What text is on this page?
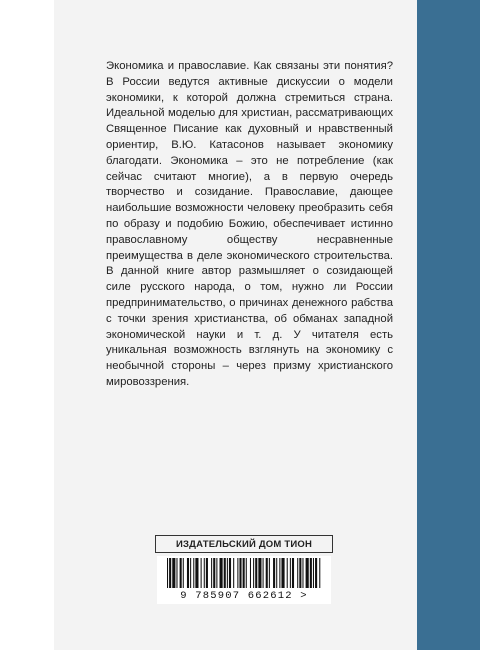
Экономика и православие. Как связаны эти понятия? В России ведутся активные дискуссии о модели экономики, к которой должна стремиться страна. Идеальной моделью для христиан, рассматривающих Священное Писание как духовный и нравственный ориентир, В.Ю. Катасонов называет экономику благодати. Экономика – это не потребление (как сейчас считают многие), а в первую очередь творчество и созидание. Православие, дающее наибольшие возможности человеку преобразить себя по образу и подобию Божию, обеспечивает истинно православному обществу несравненные преимущества в деле экономического строительства. В данной книге автор размышляет о созидающей силе русского народа, о том, нужно ли России предпринимательство, о причинах денежного рабства с точки зрения христианства, об обманах западной экономической науки и т. д. У читателя есть уникальная возможность взглянуть на экономику с необычной стороны – через призму христианского мировоззрения.
ИЗДАТЕЛЬСКИЙ ДОМ ТИОН
9 785907 662612 >
